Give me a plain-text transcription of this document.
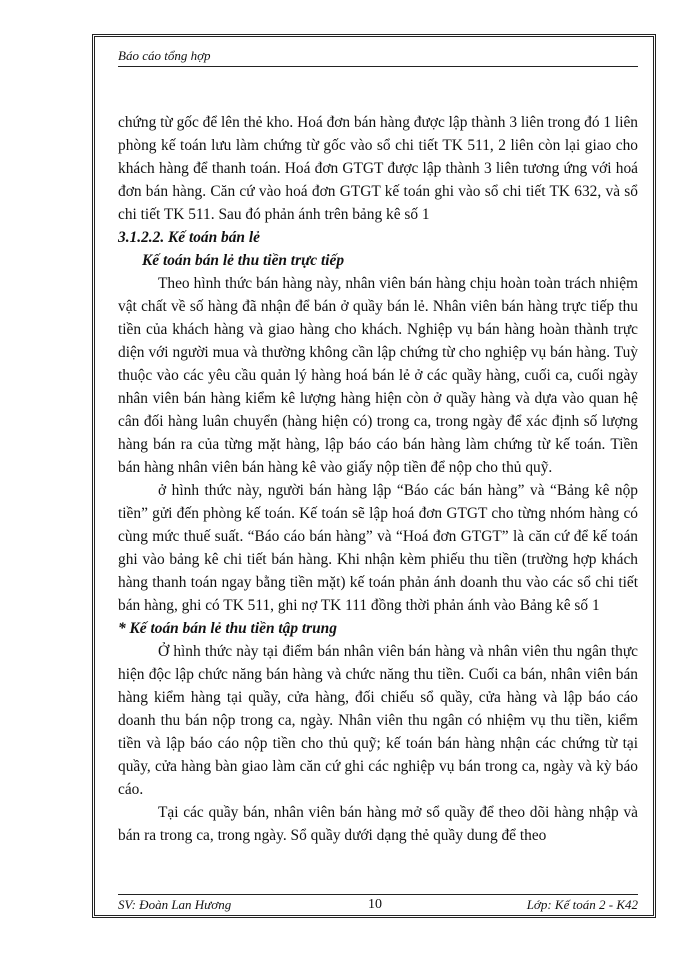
Báo cáo tổng hợp

chứng từ gốc để lên thẻ kho. Hoá đơn bán hàng được lập thành 3 liên trong đó 1 liên phòng kế toán lưu làm chứng từ gốc vào sổ chi tiết TK 511, 2 liên còn lại giao cho khách hàng để thanh toán. Hoá đơn GTGT được lập thành 3 liên tương ứng với hoá đơn bán hàng. Căn cứ vào hoá đơn GTGT kế toán ghi vào sổ chi tiết TK 632, và sổ chi tiết TK 511. Sau đó phản ánh trên bảng kê số 1

3.1.2.2. Kế toán bán lẻ

Kế toán bán lẻ thu tiền trực tiếp

Theo hình thức bán hàng này, nhân viên bán hàng chịu hoàn toàn trách nhiệm vật chất về số hàng đã nhận để bán ở quầy bán lẻ. Nhân viên bán hàng trực tiếp thu tiền của khách hàng và giao hàng cho khách. Nghiệp vụ bán hàng hoàn thành trực diện với người mua và thường không cần lập chứng từ cho nghiệp vụ bán hàng. Tuỳ thuộc vào các yêu cầu quản lý hàng hoá bán lẻ ở các quầy hàng, cuối ca, cuối ngày nhân viên bán hàng kiểm kê lượng hàng hiện còn ở quầy hàng và dựa vào quan hệ cân đối hàng luân chuyển (hàng hiện có) trong ca, trong ngày để xác định số lượng hàng bán ra của từng mặt hàng, lập báo cáo bán hàng làm chứng từ kế toán. Tiền bán hàng nhân viên bán hàng kê vào giấy nộp tiền để nộp cho thủ quỹ.

ở hình thức này, người bán hàng lập “Báo các bán hàng” và “Bảng kê nộp tiền” gửi đến phòng kế toán. Kế toán sẽ lập hoá đơn GTGT cho từng nhóm hàng có cùng mức thuế suất. “Báo cáo bán hàng” và “Hoá đơn GTGT” là căn cứ để kế toán ghi vào bảng kê chi tiết bán hàng. Khi nhận kèm phiếu thu tiền (trường hợp khách hàng thanh toán ngay bằng tiền mặt) kế toán phản ánh doanh thu vào các sổ chi tiết bán hàng, ghi có TK 511, ghi nợ TK 111 đồng thời phản ánh vào Bảng kê số 1

* Kế toán bán lẻ thu tiền tập trung

Ở hình thức này tại điểm bán nhân viên bán hàng và nhân viên thu ngân thực hiện độc lập chức năng bán hàng và chức năng thu tiền. Cuối ca bán, nhân viên bán hàng kiểm hàng tại quầy, cửa hàng, đối chiếu sổ quầy, cửa hàng và lập báo cáo doanh thu bán nộp trong ca, ngày. Nhân viên thu ngân có nhiệm vụ thu tiền, kiểm tiền và lập báo cáo nộp tiền cho thủ quỹ; kế toán bán hàng nhận các chứng từ tại quầy, cửa hàng bàn giao làm căn cứ ghi các nghiệp vụ bán trong ca, ngày và kỳ báo cáo.

Tại các quầy bán, nhân viên bán hàng mở sổ quầy để theo dõi hàng nhập và bán ra trong ca, trong ngày. Sổ quầy dưới dạng thẻ quầy dung để theo

SV: Đoàn Lan Hương	10	Lớp: Kế toán 2 - K42
